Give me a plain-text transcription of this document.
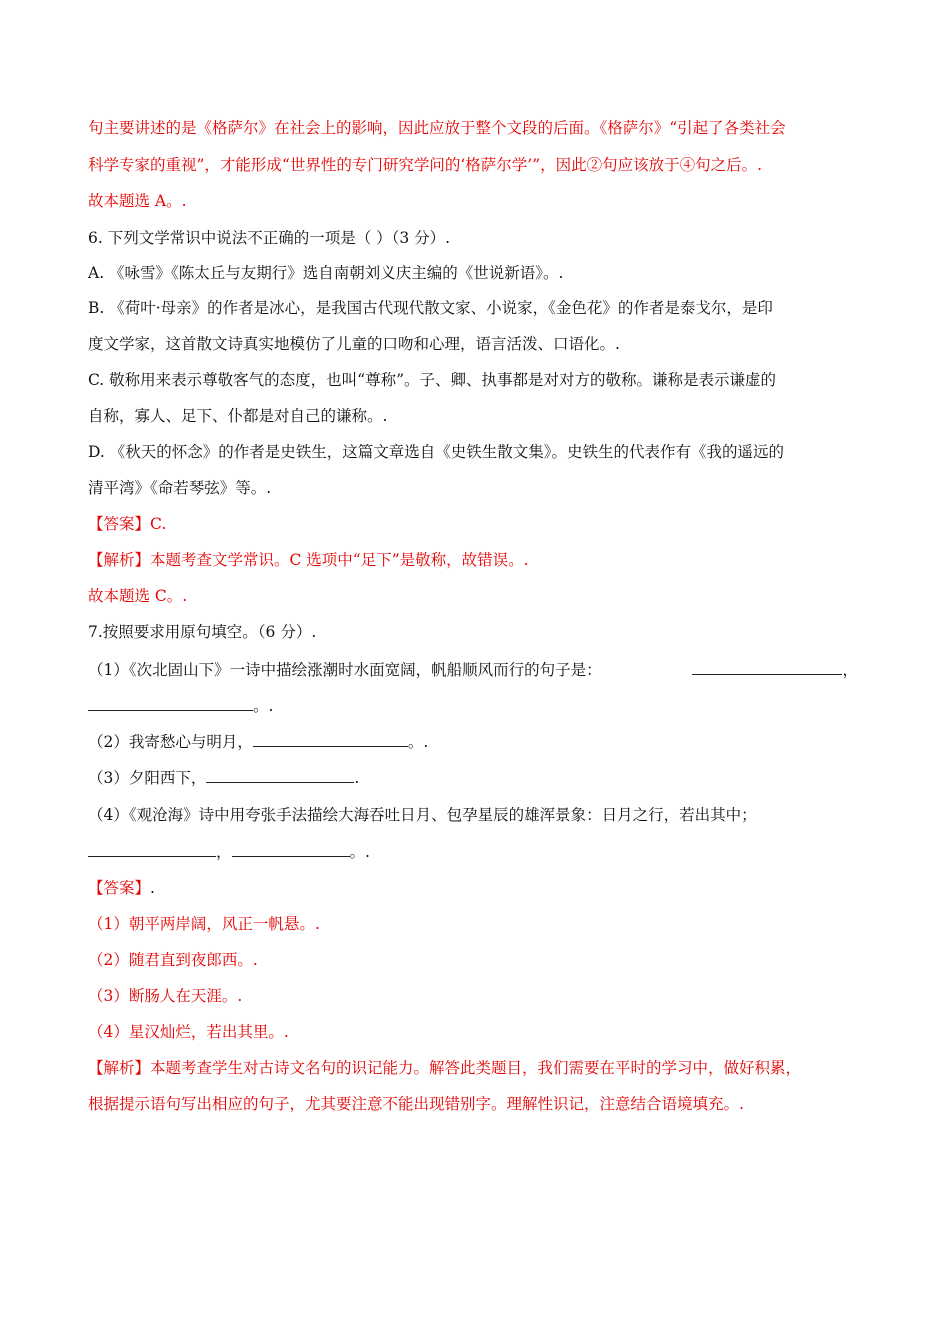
句主要讲述的是《格萨尔》在社会上的影响，因此应放于整个文段的后面。《格萨尔》“引起了各类社会

科学专家的重视”，才能形成“世界性的专门研究学问的‘格萨尔学’”，因此②句应该放于④句之后。.

故本题选 A。.

6. 下列文学常识中说法不正确的一项是（ ）（3 分）.

A. 《咏雪》《陈太丘与友期行》选自南朝刘义庆主编的《世说新语》。.

B. 《荷叶·母亲》的作者是冰心，是我国古代现代散文家、小说家，《金色花》的作者是泰戈尔，是印

度文学家，这首散文诗真实地模仿了儿童的口吻和心理，语言活泼、口语化。.

C. 敬称用来表示尊敬客气的态度，也叫“尊称”。子、卿、执事都是对对方的敬称。谦称是表示谦虚的

自称，寡人、足下、仆都是对自己的谦称。.

D. 《秋天的怀念》的作者是史铁生，这篇文章选自《史铁生散文集》。史铁生的代表作有《我的遥远的

清平湾》《命若琴弦》等。.

【答案】C.

【解析】本题考查文学常识。C 选项中“足下”是敬称，故错误。.

故本题选 C。.

7.按照要求用原句填空。（6 分）.

（1）《次北固山下》一诗中描绘涨潮时水面宽阔，帆船顺风而行的句子是：	，

。.

（2）我寄愁心与明月，	。.

（3）夕阳西下，	.

（4）《观沧海》诗中用夸张手法描绘大海吞吐日月、包孕星辰的雄浑景象：日月之行，若出其中；

，	。.

【答案】.

（1）朝平两岸阔，风正一帆悬。.

（2）随君直到夜郎西。.

（3）断肠人在天涯。.

（4）星汉灿烂，若出其里。.

【解析】本题考查学生对古诗文名句的识记能力。解答此类题目，我们需要在平时的学习中，做好积累，

根据提示语句写出相应的句子，尤其要注意不能出现错别字。理解性识记，注意结合语境填充。.
